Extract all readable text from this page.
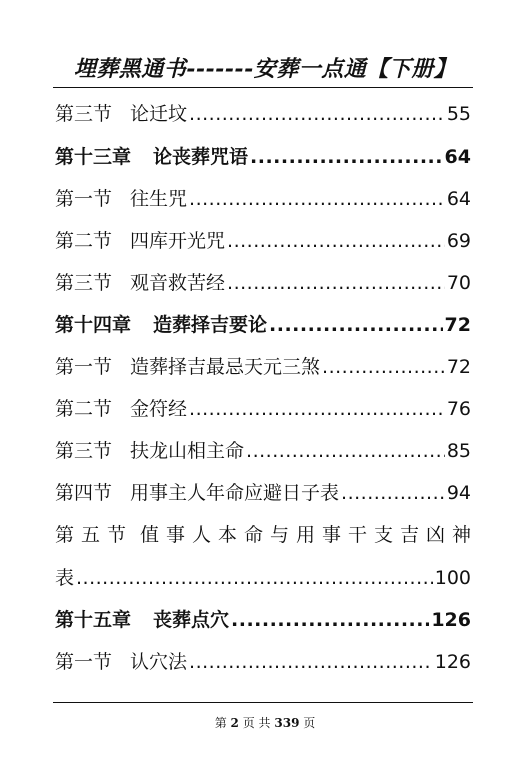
埋葬黑通书-------安葬一点通【下册】
第三节 论迁坟 .....	55
第十三章 论丧葬咒语 .....	64
第一节 往生咒 .....	64
第二节 四库开光咒 .....	69
第三节 观音救苦经 .....	70
第十四章 造葬择吉要论 .....	72
第一节 造葬择吉最忌天元三煞 .....	72
第二节 金符经 .....	76
第三节 扶龙山相主命 .....	85
第四节 用事主人年命应避日子表 .....	94
第 五 节 值 事 人 本 命 与 用 事 干 支 吉 凶 神
表 .....	100
第十五章 丧葬点穴 .....	126
第一节 认穴法 .....	126
第 2 页 共 339 页
